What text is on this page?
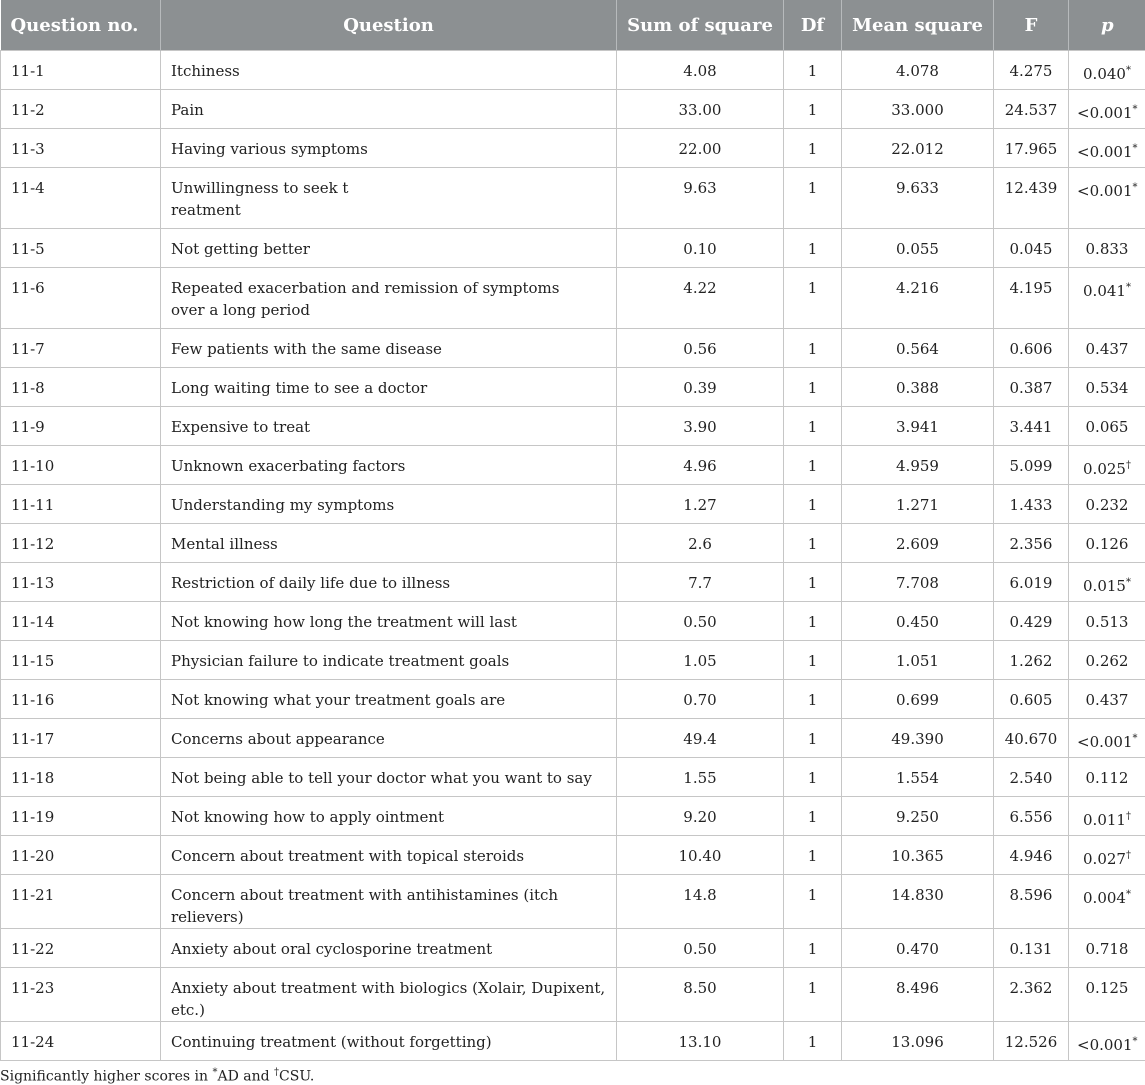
Question no.	Question	Sum of square	Df	Mean square	F	p
11-1	Itchiness	4.08	1	4.078	4.275	0.040*
11-2	Pain	33.00	1	33.000	24.537	<0.001*
11-3	Having various symptoms	22.00	1	22.012	17.965	<0.001*
11-4	Unwillingness to seek t
reatment	9.63	1	9.633	12.439	<0.001*
11-5	Not getting better	0.10	1	0.055	0.045	0.833
11-6	Repeated exacerbation and remission of symptoms
over a long period	4.22	1	4.216	4.195	0.041*
11-7	Few patients with the same disease	0.56	1	0.564	0.606	0.437
11-8	Long waiting time to see a doctor	0.39	1	0.388	0.387	0.534
11-9	Expensive to treat	3.90	1	3.941	3.441	0.065
11-10	Unknown exacerbating factors	4.96	1	4.959	5.099	0.025†
11-11	Understanding my symptoms	1.27	1	1.271	1.433	0.232
11-12	Mental illness	2.6	1	2.609	2.356	0.126
11-13	Restriction of daily life due to illness	7.7	1	7.708	6.019	0.015*
11-14	Not knowing how long the treatment will last	0.50	1	0.450	0.429	0.513
11-15	Physician failure to indicate treatment goals	1.05	1	1.051	1.262	0.262
11-16	Not knowing what your treatment goals are	0.70	1	0.699	0.605	0.437
11-17	Concerns about appearance	49.4	1	49.390	40.670	<0.001*
11-18	Not being able to tell your doctor what you want to say	1.55	1	1.554	2.540	0.112
11-19	Not knowing how to apply ointment	9.20	1	9.250	6.556	0.011†
11-20	Concern about treatment with topical steroids	10.40	1	10.365	4.946	0.027†
11-21	Concern about treatment with antihistamines (itch relievers)	14.8	1	14.830	8.596	0.004*
11-22	Anxiety about oral cyclosporine treatment	0.50	1	0.470	0.131	0.718
11-23	Anxiety about treatment with biologics (Xolair, Dupixent, etc.)	8.50	1	8.496	2.362	0.125
11-24	Continuing treatment (without forgetting)	13.10	1	13.096	12.526	<0.001*
Significantly higher scores in *AD and †CSU.
